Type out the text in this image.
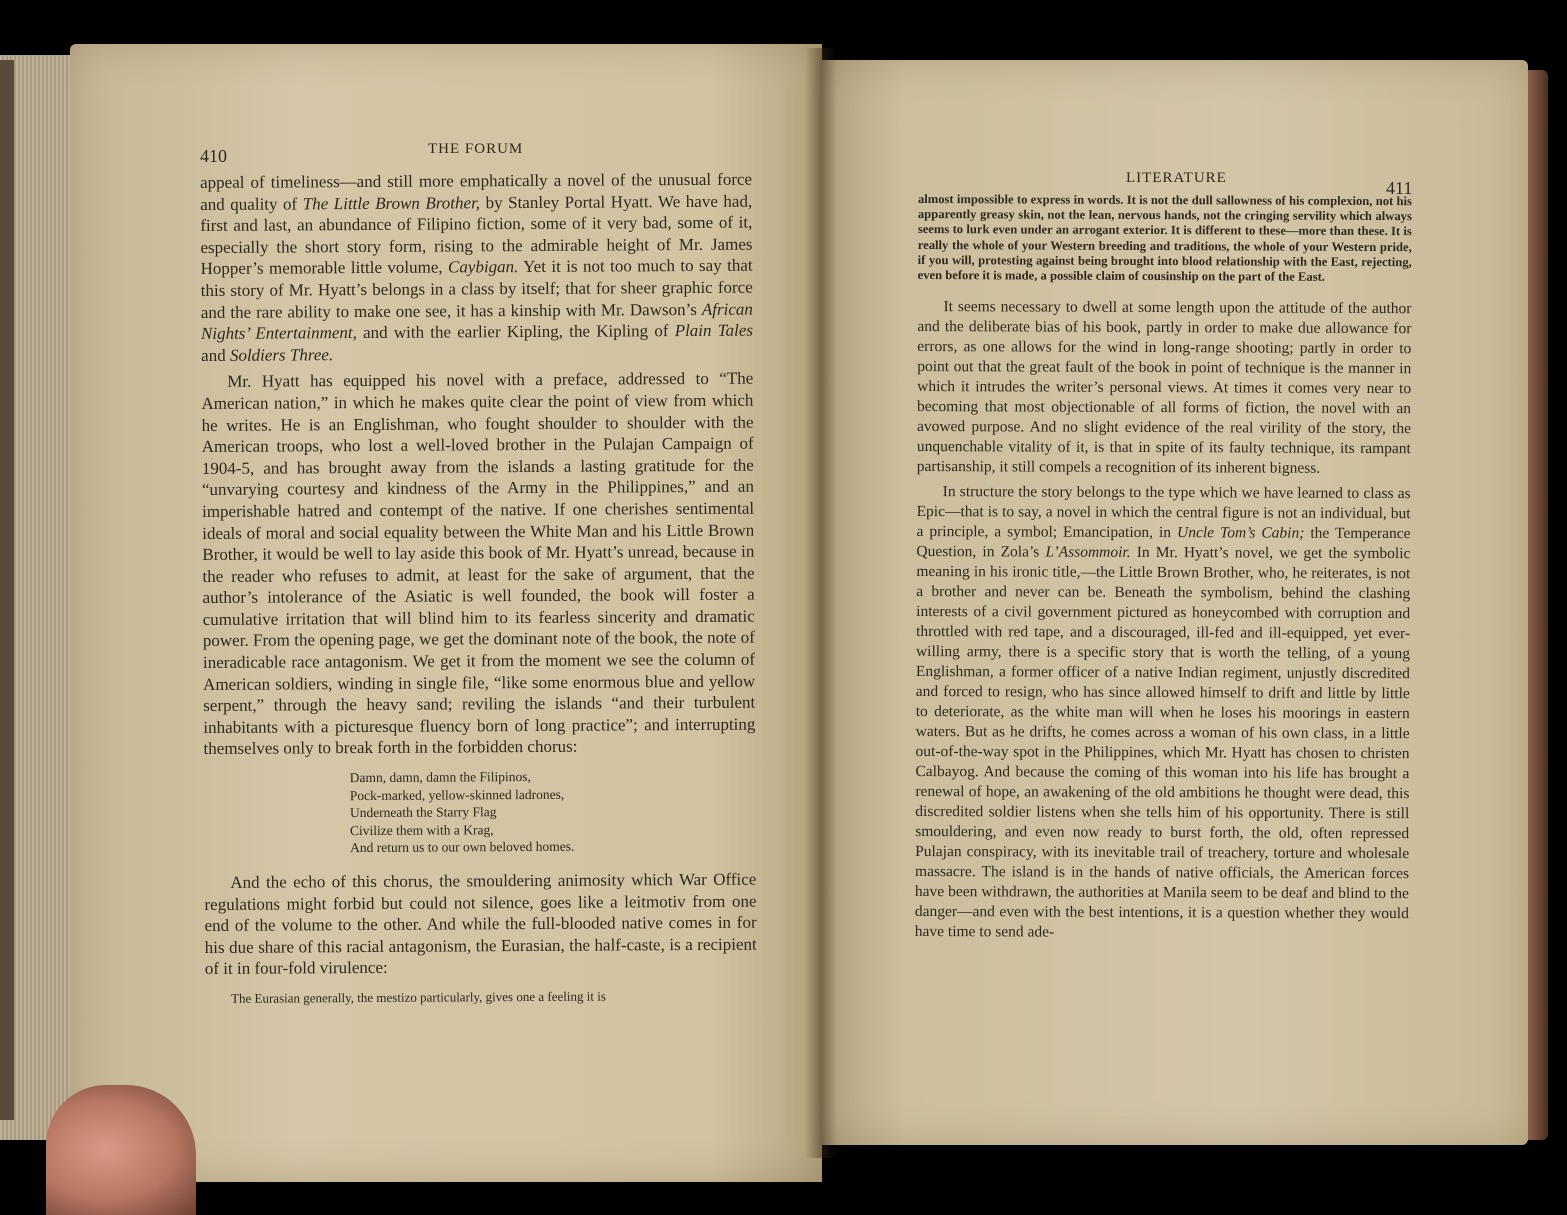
410	THE FORUM
LITERATURE	411

appeal of timeliness—and still more emphatically a novel of the unusual force and quality of The Little Brown Brother, by Stanley Portal Hyatt. We have had, first and last, an abundance of Filipino fiction, some of it very bad, some of it, especially the short story form, rising to the admirable height of Mr. James Hopper’s memorable little volume, Caybigan. Yet it is not too much to say that this story of Mr. Hyatt’s belongs in a class by itself; that for sheer graphic force and the rare ability to make one see, it has a kinship with Mr. Dawson’s African Nights’ Entertainment, and with the earlier Kipling, the Kipling of Plain Tales and Soldiers Three.

Mr. Hyatt has equipped his novel with a preface, addressed to “The American nation,” in which he makes quite clear the point of view from which he writes. He is an Englishman, who fought shoulder to shoulder with the American troops, who lost a well-loved brother in the Pulajan Campaign of 1904-5, and has brought away from the islands a lasting gratitude for the “unvarying courtesy and kindness of the Army in the Philippines,” and an imperishable hatred and contempt of the native. If one cherishes sentimental ideals of moral and social equality between the White Man and his Little Brown Brother, it would be well to lay aside this book of Mr. Hyatt’s unread, because in the reader who refuses to admit, at least for the sake of argument, that the author’s intolerance of the Asiatic is well founded, the book will foster a cumulative irritation that will blind him to its fearless sincerity and dramatic power. From the opening page, we get the dominant note of the book, the note of ineradicable race antagonism. We get it from the moment we see the column of American soldiers, winding in single file, “like some enormous blue and yellow serpent,” through the heavy sand; reviling the islands “and their turbulent inhabitants with a picturesque fluency born of long practice”; and interrupting themselves only to break forth in the forbidden chorus:

Damn, damn, damn the Filipinos,
Pock-marked, yellow-skinned ladrones,
Underneath the Starry Flag
Civilize them with a Krag,
And return us to our own beloved homes.

And the echo of this chorus, the smouldering animosity which War Office regulations might forbid but could not silence, goes like a leitmotiv from one end of the volume to the other. And while the full-blooded native comes in for his due share of this racial antagonism, the Eurasian, the half-caste, is a recipient of it in four-fold virulence:

The Eurasian generally, the mestizo particularly, gives one a feeling it is

almost impossible to express in words. It is not the dull sallowness of his complexion, not his apparently greasy skin, not the lean, nervous hands, not the cringing servility which always seems to lurk even under an arrogant exterior. It is different to these—more than these. It is really the whole of your Western breeding and traditions, the whole of your Western pride, if you will, protesting against being brought into blood relationship with the East, rejecting, even before it is made, a possible claim of cousinship on the part of the East.

It seems necessary to dwell at some length upon the attitude of the author and the deliberate bias of his book, partly in order to make due allowance for errors, as one allows for the wind in long-range shooting; partly in order to point out that the great fault of the book in point of technique is the manner in which it intrudes the writer’s personal views. At times it comes very near to becoming that most objectionable of all forms of fiction, the novel with an avowed purpose. And no slight evidence of the real virility of the story, the unquenchable vitality of it, is that in spite of its faulty technique, its rampant partisanship, it still compels a recognition of its inherent bigness.

In structure the story belongs to the type which we have learned to class as Epic—that is to say, a novel in which the central figure is not an individual, but a principle, a symbol; Emancipation, in Uncle Tom’s Cabin; the Temperance Question, in Zola’s L’Assommoir. In Mr. Hyatt’s novel, we get the symbolic meaning in his ironic title,—the Little Brown Brother, who, he reiterates, is not a brother and never can be. Beneath the symbolism, behind the clashing interests of a civil government pictured as honeycombed with corruption and throttled with red tape, and a discouraged, ill-fed and ill-equipped, yet ever-willing army, there is a specific story that is worth the telling, of a young Englishman, a former officer of a native Indian regiment, unjustly discredited and forced to resign, who has since allowed himself to drift and little by little to deteriorate, as the white man will when he loses his moorings in eastern waters. But as he drifts, he comes across a woman of his own class, in a little out-of-the-way spot in the Philippines, which Mr. Hyatt has chosen to christen Calbayog. And because the coming of this woman into his life has brought a renewal of hope, an awakening of the old ambitions he thought were dead, this discredited soldier listens when she tells him of his opportunity. There is still smouldering, and even now ready to burst forth, the old, often repressed Pulajan conspiracy, with its inevitable trail of treachery, torture and wholesale massacre. The island is in the hands of native officials, the American forces have been withdrawn, the authorities at Manila seem to be deaf and blind to the danger—and even with the best intentions, it is a question whether they would have time to send ade-
